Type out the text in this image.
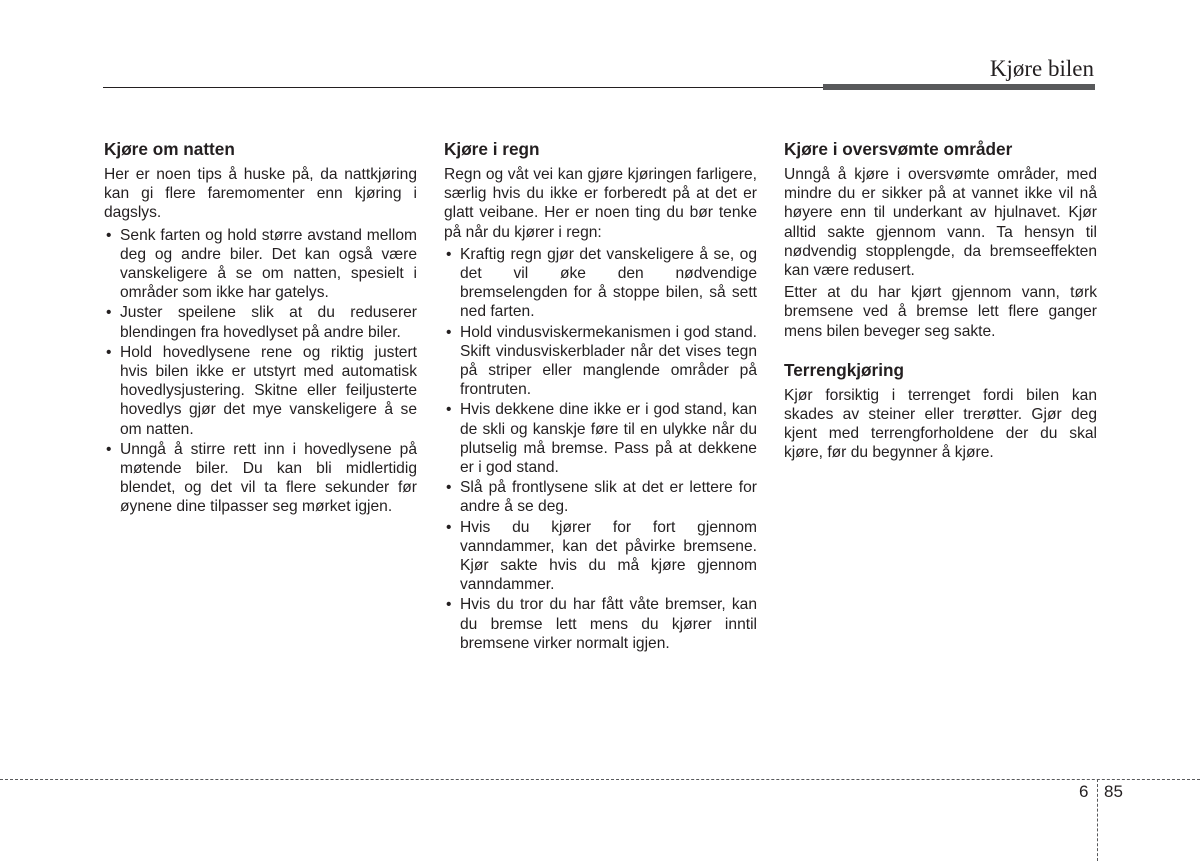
Kjøre bilen
Kjøre om natten

Her er noen tips å huske på, da nattkjøring kan gi flere faremomenter enn kjøring i dagslys.

• Senk farten og hold større avstand mellom deg og andre biler. Det kan også være vanskeligere å se om natten, spesielt i områder som ikke har gatelys.
• Juster speilene slik at du reduserer blendingen fra hovedlyset på andre biler.
• Hold hovedlysene rene og riktig justert hvis bilen ikke er utstyrt med automatisk hovedlysjustering. Skitne eller feiljusterte hovedlys gjør det mye vanskeligere å se om natten.
• Unngå å stirre rett inn i hovedlysene på møtende biler. Du kan bli midlertidig blendet, og det vil ta flere sekunder før øynene dine tilpasser seg mørket igjen.
Kjøre i regn

Regn og våt vei kan gjøre kjøringen farligere, særlig hvis du ikke er forberedt på at det er glatt veibane. Her er noen ting du bør tenke på når du kjører i regn:

• Kraftig regn gjør det vanskeligere å se, og det vil øke den nødvendige bremselengden for å stoppe bilen, så sett ned farten.
• Hold vindusviskermekanismen i god stand. Skift vindusviskerblader når det vises tegn på striper eller manglende områder på frontruten.
• Hvis dekkene dine ikke er i god stand, kan de skli og kanskje føre til en ulykke når du plutselig må bremse. Pass på at dekkene er i god stand.
• Slå på frontlysene slik at det er lettere for andre å se deg.
• Hvis du kjører for fort gjennom vanndammer, kan det påvirke bremsene. Kjør sakte hvis du må kjøre gjennom vanndammer.
• Hvis du tror du har fått våte bremser, kan du bremse lett mens du kjører inntil bremsene virker normalt igjen.
Kjøre i oversvømte områder

Unngå å kjøre i oversvømte områder, med mindre du er sikker på at vannet ikke vil nå høyere enn til underkant av hjulnavet. Kjør alltid sakte gjennom vann. Ta hensyn til nødvendig stopplengde, da bremseeffekten kan være redusert.

Etter at du har kjørt gjennom vann, tørk bremsene ved å bremse lett flere ganger mens bilen beveger seg sakte.

Terrengkjøring

Kjør forsiktig i terrenget fordi bilen kan skades av steiner eller trerøtter. Gjør deg kjent med terrengforholdene der du skal kjøre, før du begynner å kjøre.

6 85
